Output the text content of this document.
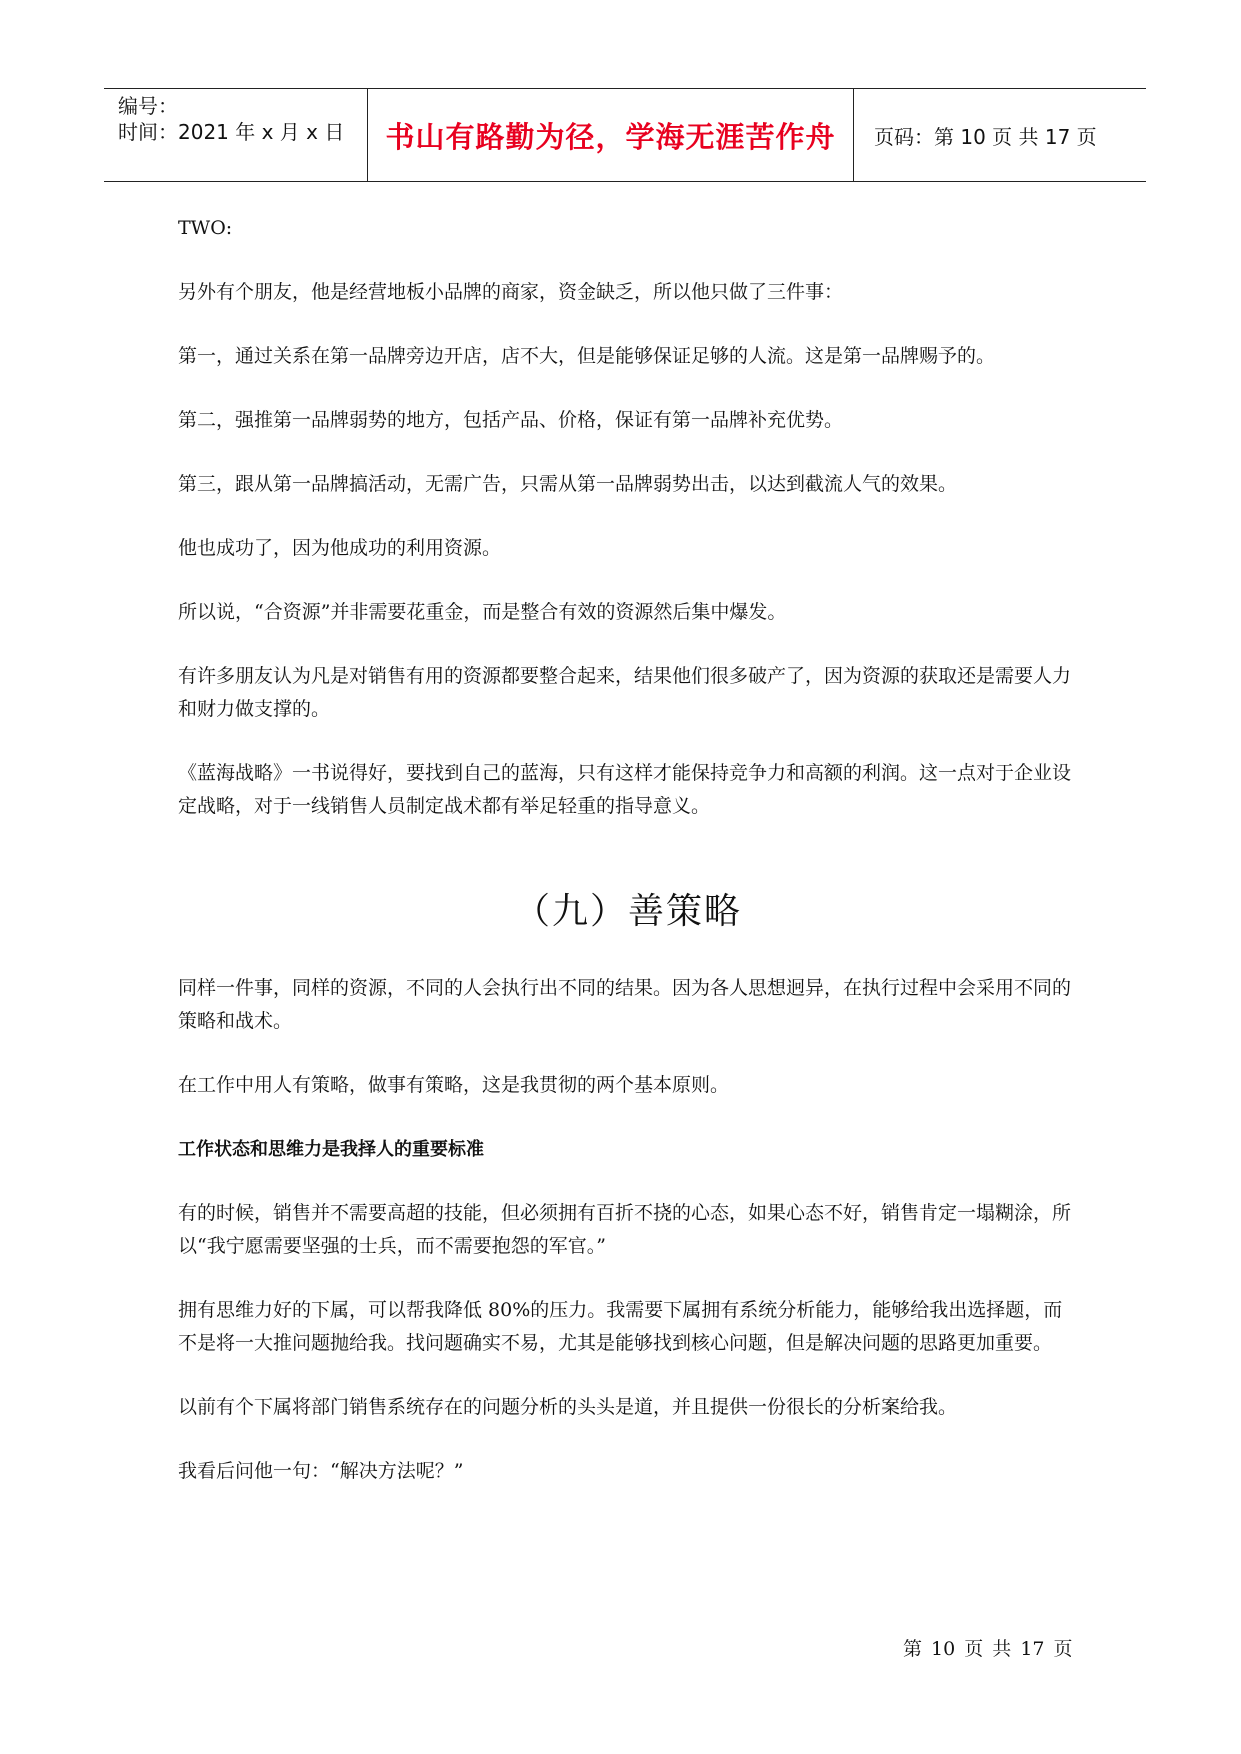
编号：
时间：2021 年 x 月 x 日	书山有路勤为径，学海无涯苦作舟 页码：第 10 页 共 17 页

TWO:

另外有个朋友，他是经营地板小品牌的商家，资金缺乏，所以他只做了三件事：

第一，通过关系在第一品牌旁边开店，店不大，但是能够保证足够的人流。这是第一品牌赐予的。

第二，强推第一品牌弱势的地方，包括产品、价格，保证有第一品牌补充优势。

第三，跟从第一品牌搞活动，无需广告，只需从第一品牌弱势出击，以达到截流人气的效果。

他也成功了，因为他成功的利用资源。

所以说，“合资源”并非需要花重金，而是整合有效的资源然后集中爆发。

有许多朋友认为凡是对销售有用的资源都要整合起来，结果他们很多破产了，因为资源的获取还是需要人力和财力做支撑的。

《蓝海战略》一书说得好，要找到自己的蓝海，只有这样才能保持竞争力和高额的利润。这一点对于企业设定战略，对于一线销售人员制定战术都有举足轻重的指导意义。

（九）善策略

同样一件事，同样的资源，不同的人会执行出不同的结果。因为各人思想迥异，在执行过程中会采用不同的策略和战术。

在工作中用人有策略，做事有策略，这是我贯彻的两个基本原则。

工作状态和思维力是我择人的重要标准

有的时候，销售并不需要高超的技能，但必须拥有百折不挠的心态，如果心态不好，销售肯定一塌糊涂，所以“我宁愿需要坚强的士兵，而不需要抱怨的军官。”

拥有思维力好的下属，可以帮我降低 80%的压力。我需要下属拥有系统分析能力，能够给我出选择题，而不是将一大推问题抛给我。找问题确实不易，尤其是能够找到核心问题，但是解决问题的思路更加重要。

以前有个下属将部门销售系统存在的问题分析的头头是道，并且提供一份很长的分析案给我。

我看后问他一句：“解决方法呢？”

第 10 页 共 17 页
